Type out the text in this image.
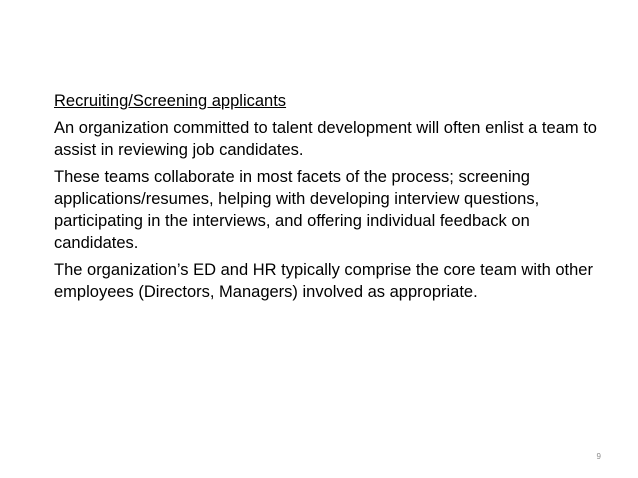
Recruiting/Screening applicants
An organization committed to talent development will often enlist a team to assist in reviewing job candidates.
These teams collaborate in most facets of the process; screening applications/resumes, helping with developing interview questions, participating in the interviews, and offering individual feedback on candidates.
The organization’s ED and HR typically comprise the core team with other employees (Directors, Managers) involved as appropriate.
9
